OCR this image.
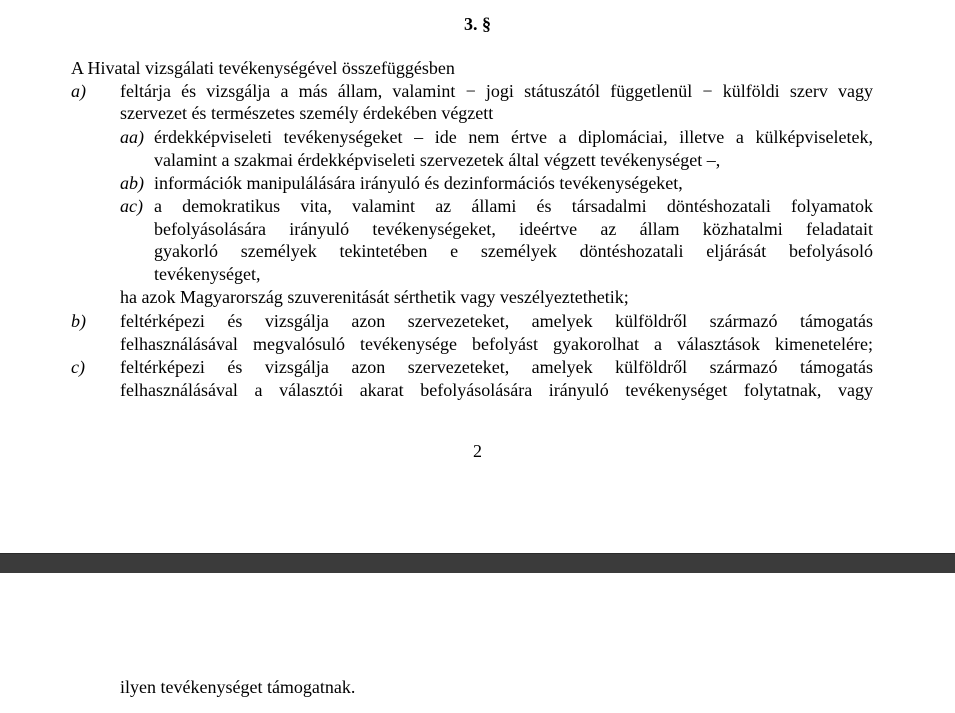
3. §
A Hivatal vizsgálati tevékenységével összefüggésben
a) feltárja és vizsgálja a más állam, valamint − jogi státuszától függetlenül − külföldi szerv vagy
szervezet és természetes személy érdekében végzett
aa) érdekképviseleti tevékenységeket – ide nem értve a diplomáciai, illetve a külképviseletek,
valamint a szakmai érdekképviseleti szervezetek által végzett tevékenységet –,
ab) információk manipulálására irányuló és dezinformációs tevékenységeket,
ac) a demokratikus vita, valamint az állami és társadalmi döntéshozatali folyamatok
befolyásolására irányuló tevékenységeket, ideértve az állam közhatalmi feladatait
gyakorló személyek tekintetében e személyek döntéshozatali eljárását befolyásoló
tevékenységet,
ha azok Magyarország szuverenitását sérthetik vagy veszélyeztethetik;
b) feltérképezi és vizsgálja azon szervezeteket, amelyek külföldről származó támogatás
felhasználásával megvalósuló tevékenysége befolyást gyakorolhat a választások kimenetelére;
c) feltérképezi és vizsgálja azon szervezeteket, amelyek külföldről származó támogatás
felhasználásával a választói akarat befolyásolására irányuló tevékenységet folytatnak, vagy
2
ilyen tevékenységet támogatnak.
